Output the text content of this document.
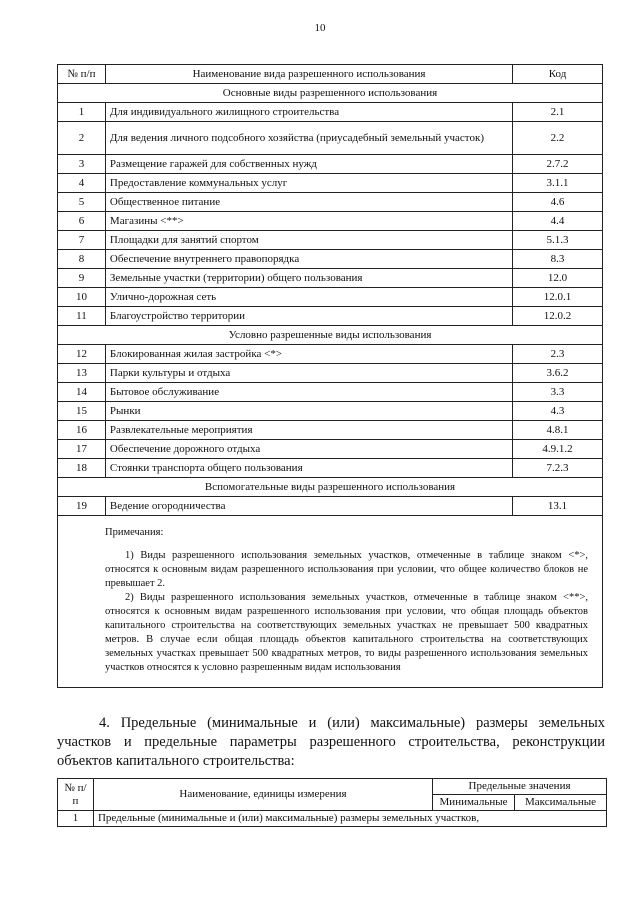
10
№ п/п	Наименование вида разрешенного использования	Код
Основные виды разрешенного использования		
1	Для индивидуального жилищного строительства	2.1
2	Для ведения личного подсобного хозяйства (приусадебный земельный участок)	2.2
3	Размещение гаражей для собственных нужд	2.7.2
4	Предоставление коммунальных услуг	3.1.1
5	Общественное питание	4.6
6	Магазины <**>	4.4
7	Площадки для занятий спортом	5.1.3
8	Обеспечение внутреннего правопорядка	8.3
9	Земельные участки (территории) общего пользования	12.0
10	Улично-дорожная сеть	12.0.1
11	Благоустройство территории	12.0.2
Условно разрешенные виды использования		
12	Блокированная жилая застройка <*>	2.3
13	Парки культуры и отдыха	3.6.2
14	Бытовое обслуживание	3.3
15	Рынки	4.3
16	Развлекательные мероприятия	4.8.1
17	Обеспечение дорожного отдыха	4.9.1.2
18	Стоянки транспорта общего пользования	7.2.3
Вспомогательные виды разрешенного использования		
19	Ведение огородничества	13.1

Примечания:

1) Виды разрешенного использования земельных участков, отмеченные в таблице знаком <*>, относятся к основным видам разрешенного использования при условии, что общее количество блоков не превышает 2.

2) Виды разрешенного использования земельных участков, отмеченные в таблице знаком <**>, относятся к основным видам разрешенного использования при условии, что общая площадь объектов капитального строительства на соответствующих земельных участках не превышает 500 квадратных метров. В случае если общая площадь объектов капитального строительства на соответствующих земельных участках превышает 500 квадратных метров, то виды разрешенного использования земельных участков относятся к условно разрешенным видам использования		

4. Предельные (минимальные и (или) максимальные) размеры земельных участков и предельные параметры разрешенного строительства, реконструкции объектов капитального строительства:
№ п/п	Наименование, единицы измерения	Предельные значения	
		Минимальные	Максимальные
1	Предельные (минимальные и (или) максимальные) размеры земельных участков,		
